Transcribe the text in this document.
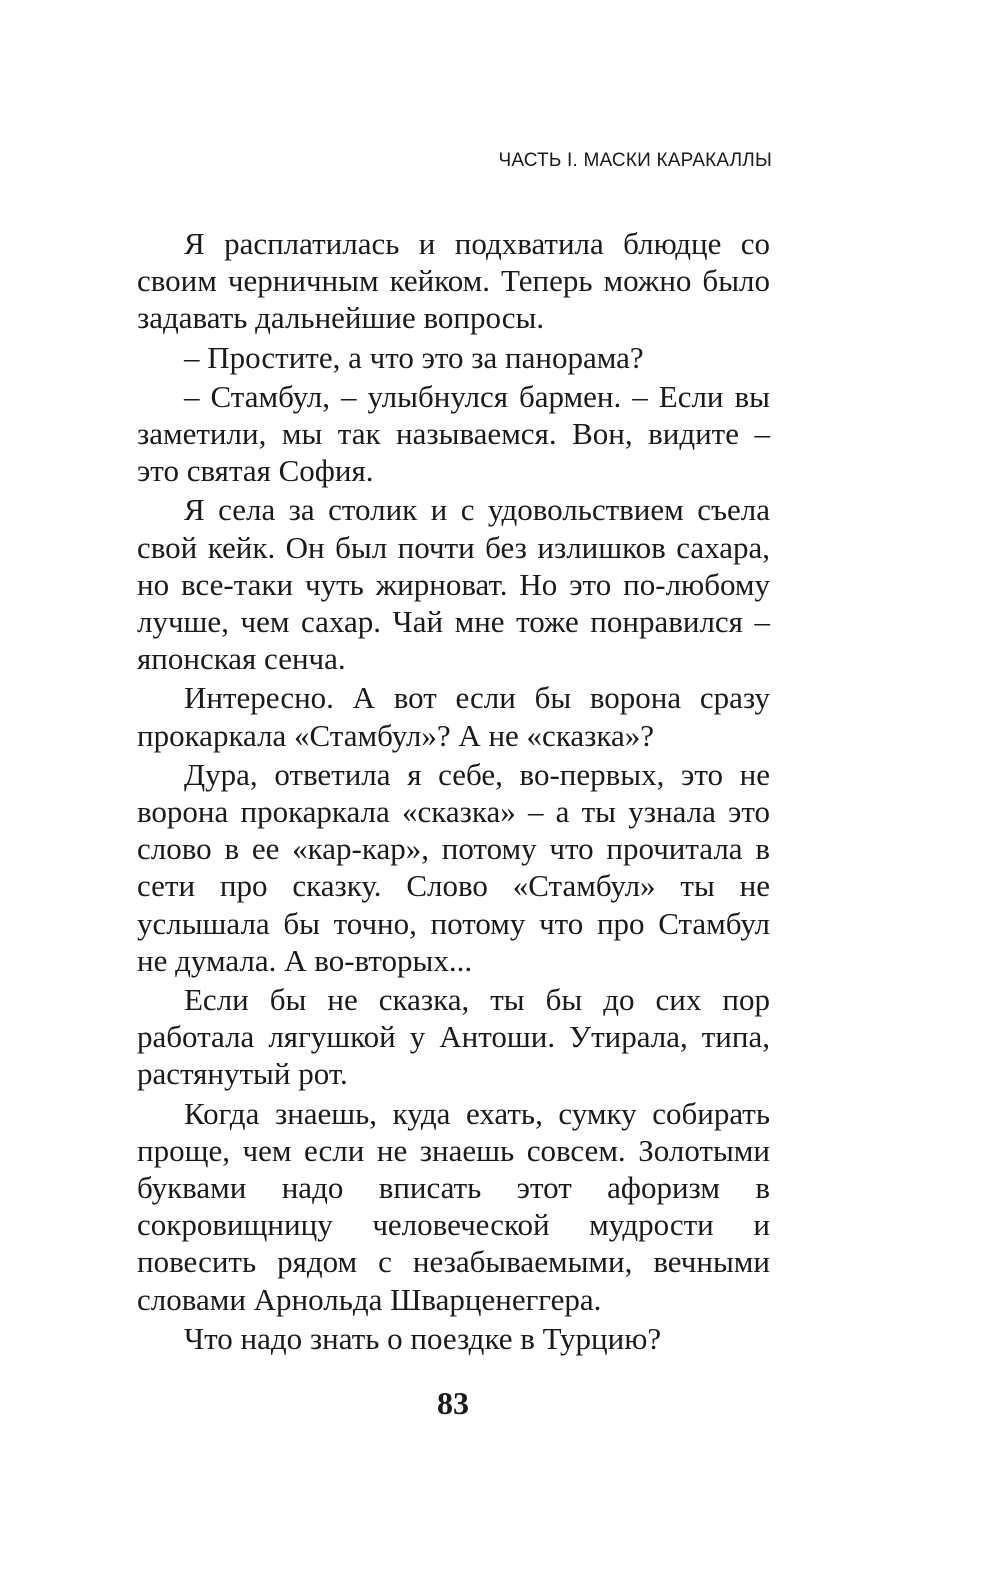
ЧАСТЬ I. МАСКИ КАРАКАЛЛЫ

Я расплатилась и подхватила блюдце со своим черничным кейком. Теперь можно было задавать дальнейшие вопросы.

– Простите, а что это за панорама?

– Стамбул, – улыбнулся бармен. – Если вы заметили, мы так называемся. Вон, видите – это святая София.

Я села за столик и с удовольствием съела свой кейк. Он был почти без излишков сахара, но все-таки чуть жирноват. Но это по-любому лучше, чем сахар. Чай мне тоже понравился – японская сенча.

Интересно. А вот если бы ворона сразу прокаркала «Стамбул»? А не «сказка»?

Дура, ответила я себе, во-первых, это не ворона прокаркала «сказка» – а ты узнала это слово в ее «кар-кар», потому что прочитала в сети про сказку. Слово «Стамбул» ты не услышала бы точно, потому что про Стамбул не думала. А во-вторых...

Если бы не сказка, ты бы до сих пор работала лягушкой у Антоши. Утирала, типа, растянутый рот.

Когда знаешь, куда ехать, сумку собирать проще, чем если не знаешь совсем. Золотыми буквами надо вписать этот афоризм в сокровищницу человеческой мудрости и повесить рядом с незабываемыми, вечными словами Арнольда Шварценеггера.

Что надо знать о поездке в Турцию?

83
